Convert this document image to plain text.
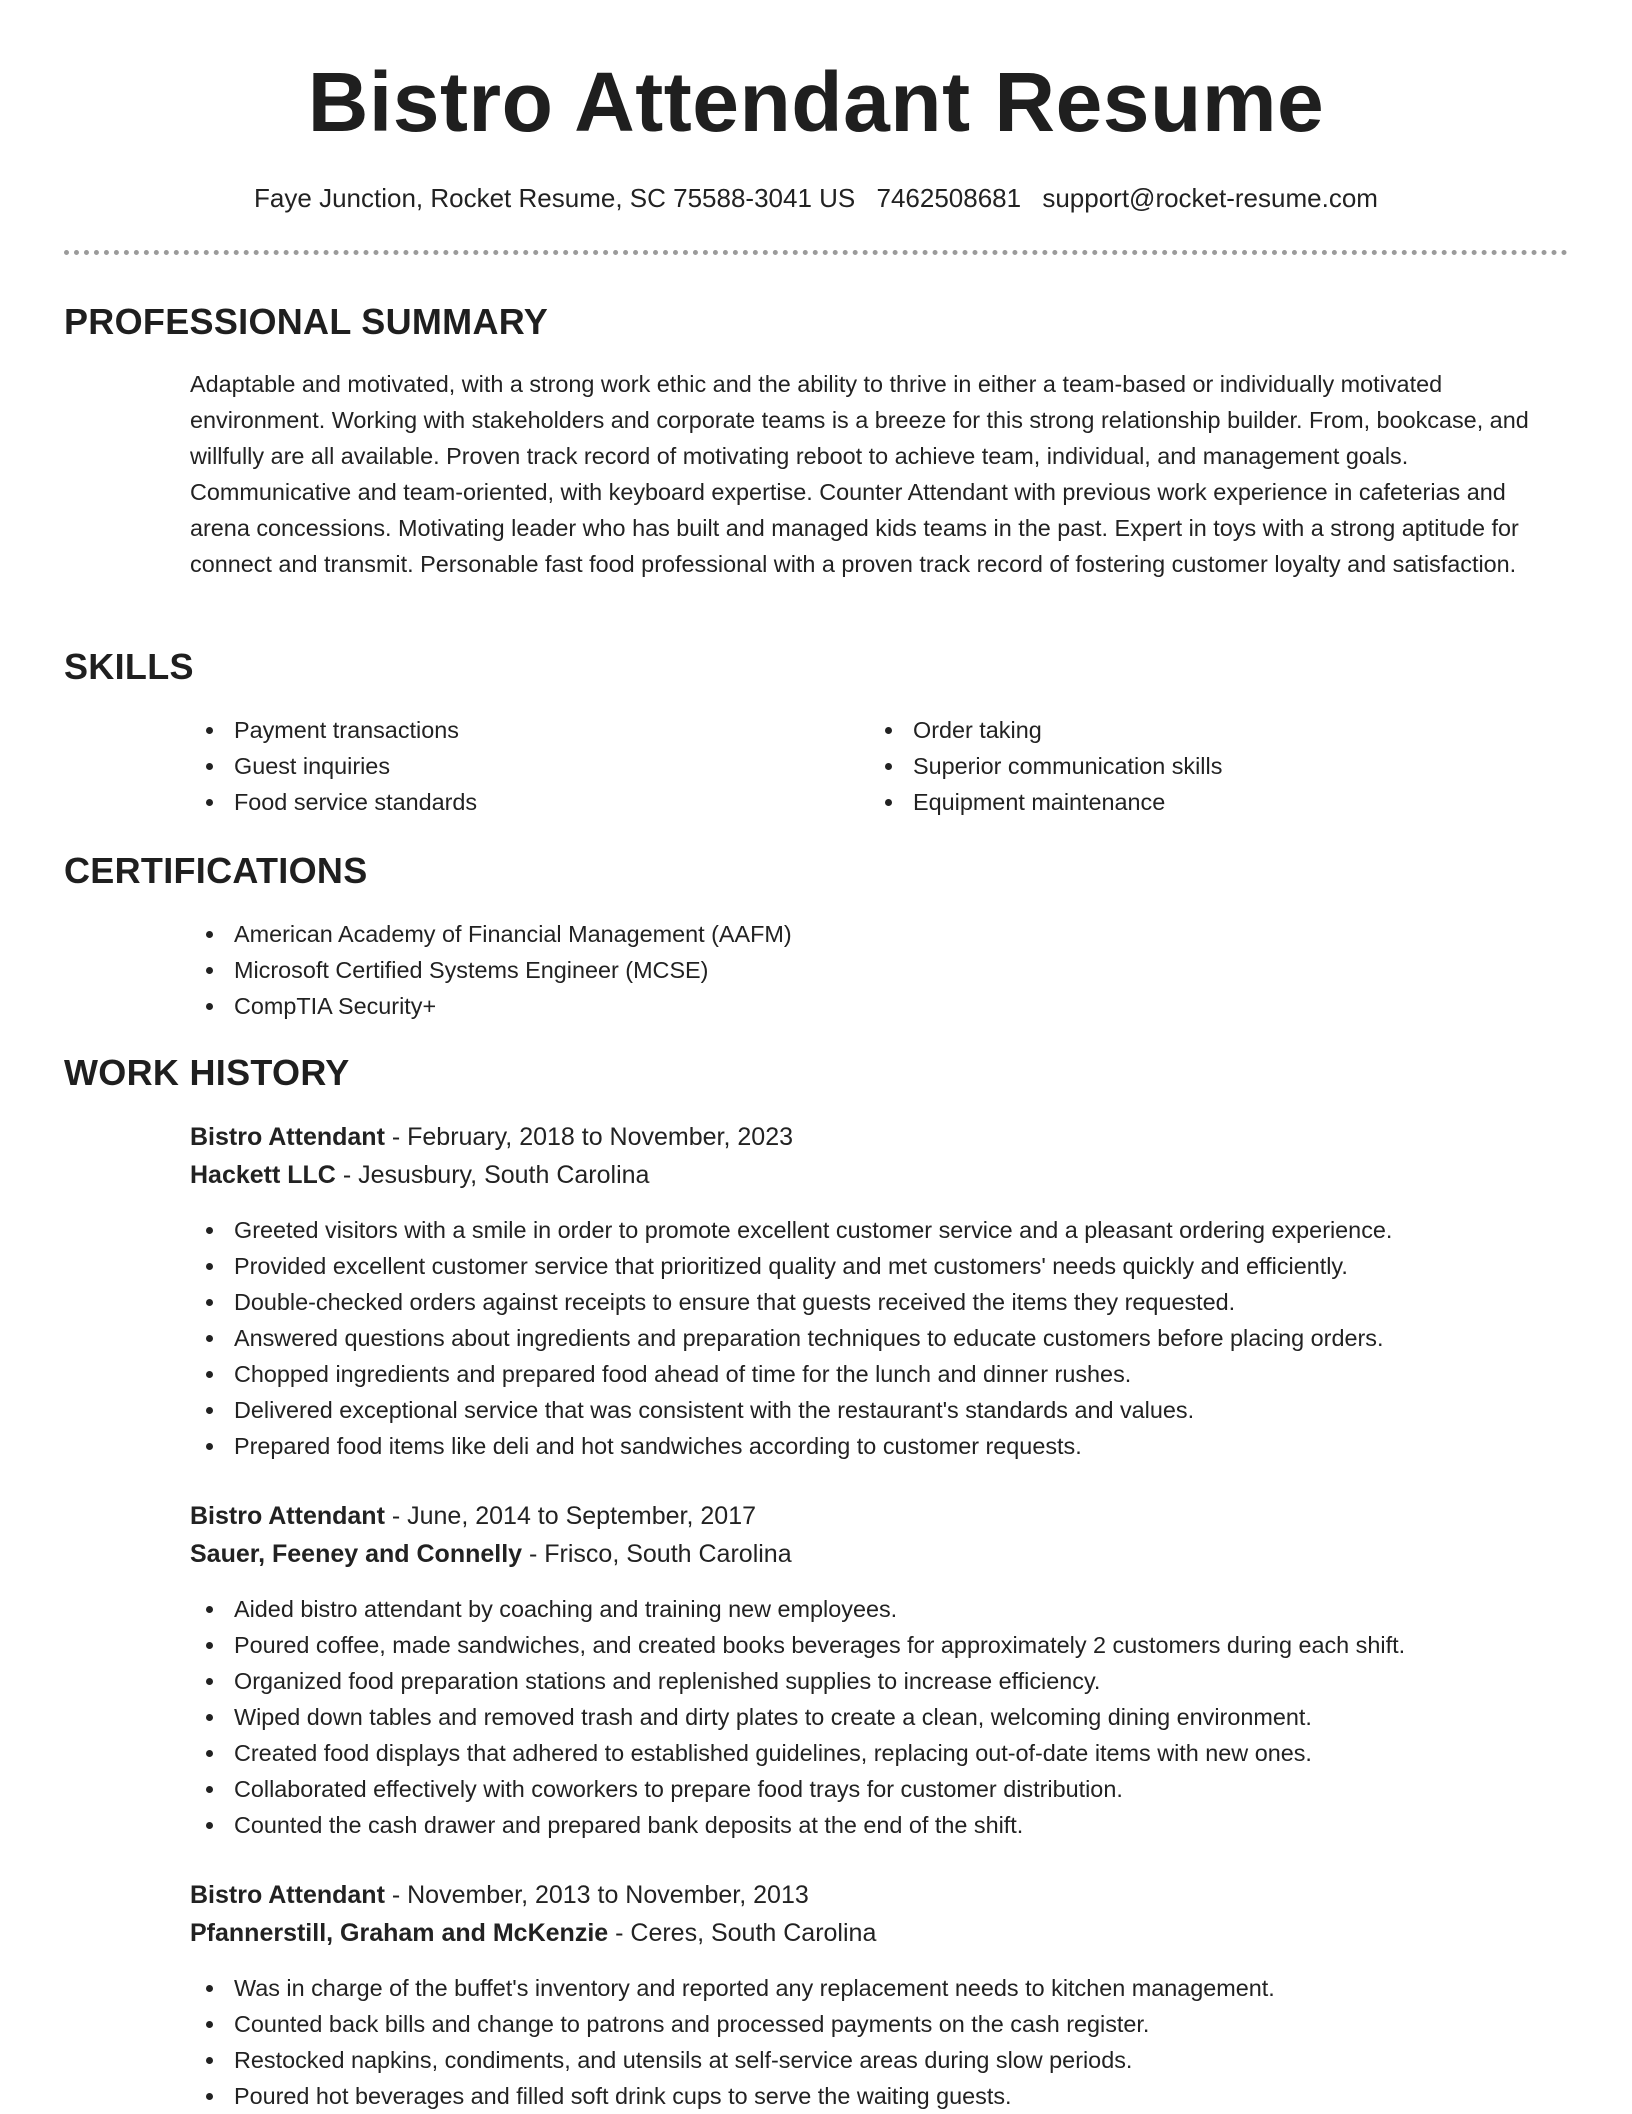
Bistro Attendant Resume
Faye Junction, Rocket Resume, SC 75588-3041 US 7462508681 support@rocket-resume.com
PROFESSIONAL SUMMARY

Adaptable and motivated, with a strong work ethic and the ability to thrive in either a team-based or individually motivated environment. Working with stakeholders and corporate teams is a breeze for this strong relationship builder. From, bookcase, and willfully are all available. Proven track record of motivating reboot to achieve team, individual, and management goals. Communicative and team-oriented, with keyboard expertise. Counter Attendant with previous work experience in cafeterias and arena concessions. Motivating leader who has built and managed kids teams in the past. Expert in toys with a strong aptitude for connect and transmit. Personable fast food professional with a proven track record of fostering customer loyalty and satisfaction.

SKILLS
Payment transactions
Guest inquiries
Food service standards
Order taking
Superior communication skills
Equipment maintenance
CERTIFICATIONS
American Academy of Financial Management (AAFM)
Microsoft Certified Systems Engineer (MCSE)
CompTIA Security+
WORK HISTORY
Bistro Attendant - February, 2018 to November, 2023
Hackett LLC - Jesusbury, South Carolina
Greeted visitors with a smile in order to promote excellent customer service and a pleasant ordering experience.
Provided excellent customer service that prioritized quality and met customers' needs quickly and efficiently.
Double-checked orders against receipts to ensure that guests received the items they requested.
Answered questions about ingredients and preparation techniques to educate customers before placing orders.
Chopped ingredients and prepared food ahead of time for the lunch and dinner rushes.
Delivered exceptional service that was consistent with the restaurant's standards and values.
Prepared food items like deli and hot sandwiches according to customer requests.
Bistro Attendant - June, 2014 to September, 2017
Sauer, Feeney and Connelly - Frisco, South Carolina
Aided bistro attendant by coaching and training new employees.
Poured coffee, made sandwiches, and created books beverages for approximately 2 customers during each shift.
Organized food preparation stations and replenished supplies to increase efficiency.
Wiped down tables and removed trash and dirty plates to create a clean, welcoming dining environment.
Created food displays that adhered to established guidelines, replacing out-of-date items with new ones.
Collaborated effectively with coworkers to prepare food trays for customer distribution.
Counted the cash drawer and prepared bank deposits at the end of the shift.
Bistro Attendant - November, 2013 to November, 2013
Pfannerstill, Graham and McKenzie - Ceres, South Carolina
Was in charge of the buffet's inventory and reported any replacement needs to kitchen management.
Counted back bills and change to patrons and processed payments on the cash register.
Restocked napkins, condiments, and utensils at self-service areas during slow periods.
Poured hot beverages and filled soft drink cups to serve the waiting guests.
